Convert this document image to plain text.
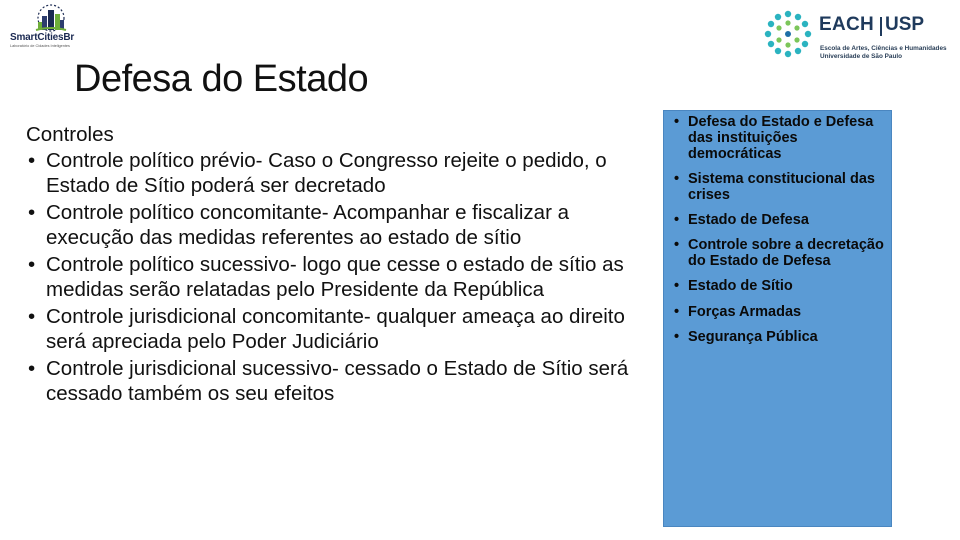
SmartCitiesBr
Laboratório de Cidades Inteligentes
EACH USP
Escola de Artes, Ciências e Humanidades
Universidade de São Paulo
Defesa do Estado
Controles
• Controle político prévio- Caso o Congresso rejeite o pedido, o Estado de Sítio poderá ser decretado
• Controle político concomitante- Acompanhar e fiscalizar a execução das medidas referentes ao estado de sítio
• Controle político sucessivo- logo que cesse o estado de sítio as medidas serão relatadas pelo Presidente da República
• Controle jurisdicional concomitante- qualquer ameaça ao direito será apreciada pelo Poder Judiciário
• Controle jurisdicional sucessivo- cessado o Estado de Sítio será cessado também os seu efeitos
• Defesa do Estado e Defesa das instituições democráticas
• Sistema constitucional das crises
• Estado de Defesa
• Controle sobre a decretação do Estado de Defesa
• Estado de Sítio
• Forças Armadas
• Segurança Pública
